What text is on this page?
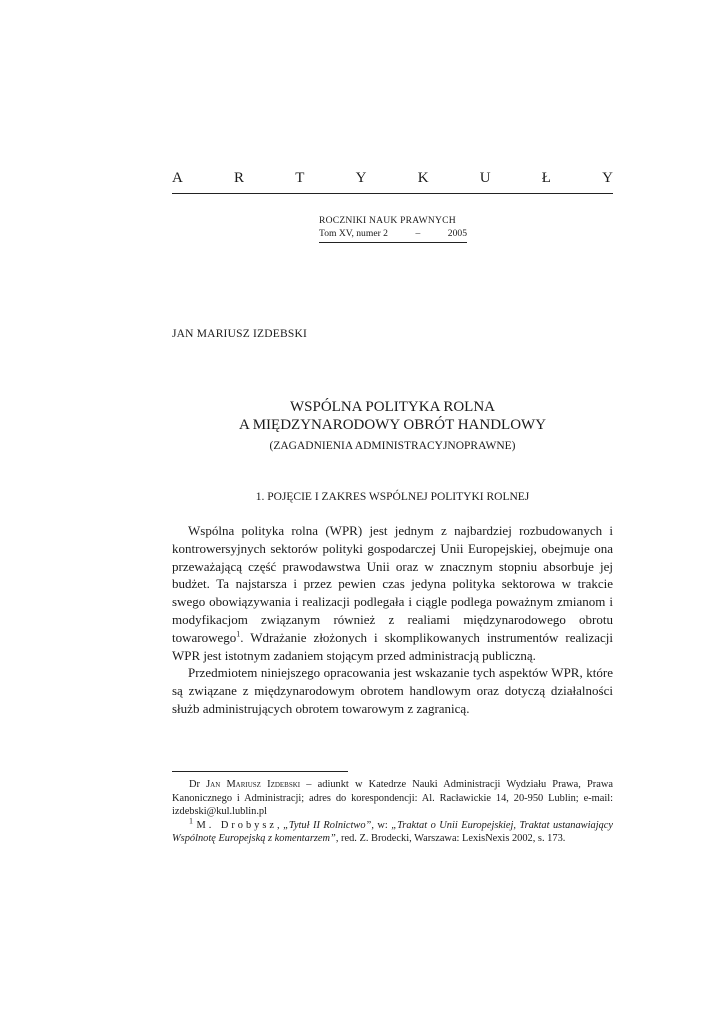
A	R	T	Y	K	U	Ł	Y
ROCZNIKI NAUK PRAWNYCH
Tom XV, numer 2	–	2005
JAN MARIUSZ IZDEBSKI
WSPÓLNA POLITYKA ROLNA
A MIĘDZYNARODOWY OBRÓT HANDLOWY
(ZAGADNIENIA ADMINISTRACYJNOPRAWNE)
1. POJĘCIE I ZAKRES WSPÓLNEJ POLITYKI ROLNEJ

Wspólna polityka rolna (WPR) jest jednym z najbardziej rozbudowanych i kontrowersyjnych sektorów polityki gospodarczej Unii Europejskiej, obejmuje ona przeważającą część prawodawstwa Unii oraz w znacznym stopniu absorbuje jej budżet. Ta najstarsza i przez pewien czas jedyna polityka sektorowa w trakcie swego obowiązywania i realizacji podlegała i ciągle podlega poważnym zmianom i modyfikacjom związanym również z realiami międzynarodowego obrotu towarowego$^1$. Wdrażanie złożonych i skomplikowanych instrumentów realizacji WPR jest istotnym zadaniem stojącym przed administracją publiczną.

Przedmiotem niniejszego opracowania jest wskazanie tych aspektów WPR, które są związane z międzynarodowym obrotem handlowym oraz dotyczą działalności służb administrujących obrotem towarowym z zagranicą.

Dr Jan Mariusz Izdebski – adiunkt w Katedrze Nauki Administracji Wydziału Prawa, Prawa Kanonicznego i Administracji; adres do korespondencji: Al. Racławickie 14, 20-950 Lublin; e-mail: izdebski@kul.lublin.pl

$^1$ M. Drobysz, „Tytuł II Rolnictwo”, w: „Traktat o Unii Europejskiej, Traktat ustanawiający Wspólnotę Europejską z komentarzem”, red. Z. Brodecki, Warszawa: LexisNexis 2002, s. 173.
